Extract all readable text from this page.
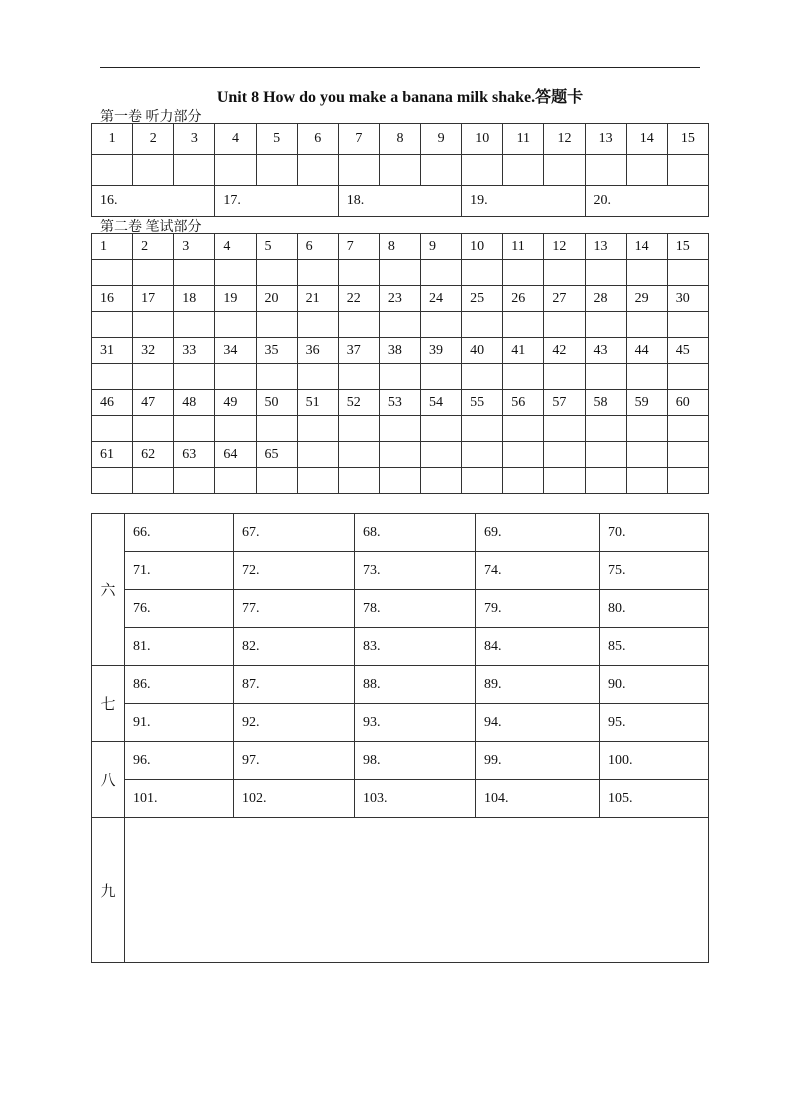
Unit 8 How do you make a banana milk shake.答题卡
第一卷 听力部分
1	2	3	4	5	6	7	8	9	10	11	12	13	14	15

16.			17.			18.			19.			20.		
第二卷 笔试部分
1	2	3	4	5	6	7	8	9	10	11	12	13	14	15

16	17	18	19	20	21	22	23	24	25	26	27	28	29	30

31	32	33	34	35	36	37	38	39	40	41	42	43	44	45

46	47	48	49	50	51	52	53	54	55	56	57	58	59	60

61	62	63	64	65										

六	66.	67.	68.	69.	70.
	71.	72.	73.	74.	75.
	76.	77.	78.	79.	80.
	81.	82.	83.	84.	85.
七	86.	87.	88.	89.	90.
	91.	92.	93.	94.	95.
八	96.	97.	98.	99.	100.
	101.	102.	103.	104.	105.
九					
